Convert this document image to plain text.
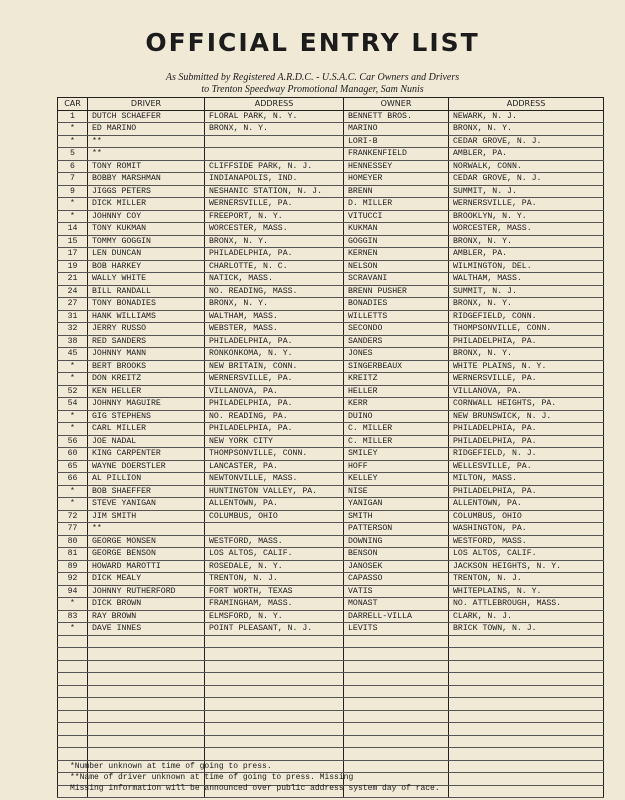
OFFICIAL ENTRY LIST
As Submitted by Registered A.R.D.C. - U.S.A.C. Car Owners and Drivers
to Trenton Speedway Promotional Manager, Sam Nunis
CAR	DRIVER	ADDRESS	OWNER	ADDRESS
1	DUTCH SCHAEFER	FLORAL PARK, N. Y.	BENNETT BROS.	NEWARK, N. J.
*	ED MARINO	BRONX, N. Y.	MARINO	BRONX, N. Y.
*	**		LORI-B	CEDAR GROVE, N. J.
5	**		FRANKENFIELD	AMBLER, PA.
6	TONY ROMIT	CLIFFSIDE PARK, N. J.	HENNESSEY	NORWALK, CONN.
7	BOBBY MARSHMAN	INDIANAPOLIS, IND.	HOMEYER	CEDAR GROVE, N. J.
9	JIGGS PETERS	NESHANIC STATION, N. J.	BRENN	SUMMIT, N. J.
*	DICK MILLER	WERNERSVILLE, PA.	D. MILLER	WERNERSVILLE, PA.
*	JOHNNY COY	FREEPORT, N. Y.	VITUCCI	BROOKLYN, N. Y.
14	TONY KUKMAN	WORCESTER, MASS.	KUKMAN	WORCESTER, MASS.
15	TOMMY GOGGIN	BRONX, N. Y.	GOGGIN	BRONX, N. Y.
17	LEN DUNCAN	PHILADELPHIA, PA.	KERNEN	AMBLER, PA.
19	BOB HARKEY	CHARLOTTE, N. C.	NELSON	WILMINGTON, DEL.
21	WALLY WHITE	NATICK, MASS.	SCRAVANI	WALTHAM, MASS.
24	BILL RANDALL	NO. READING, MASS.	BRENN PUSHER	SUMMIT, N. J.
27	TONY BONADIES	BRONX, N. Y.	BONADIES	BRONX, N. Y.
31	HANK WILLIAMS	WALTHAM, MASS.	WILLETTS	RIDGEFIELD, CONN.
32	JERRY RUSSO	WEBSTER, MASS.	SECONDO	THOMPSONVILLE, CONN.
38	RED SANDERS	PHILADELPHIA, PA.	SANDERS	PHILADELPHIA, PA.
45	JOHNNY MANN	RONKONKOMA, N. Y.	JONES	BRONX, N. Y.
*	BERT BROOKS	NEW BRITAIN, CONN.	SINGERBEAUX	WHITE PLAINS, N. Y.
*	DON KREITZ	WERNERSVILLE, PA.	KREITZ	WERNERSVILLE, PA.
52	KEN HELLER	VILLANOVA, PA.	HELLER	VILLANOVA, PA.
54	JOHNNY MAGUIRE	PHILADELPHIA, PA.	KERR	CORNWALL HEIGHTS, PA.
*	GIG STEPHENS	NO. READING, PA.	DUINO	NEW BRUNSWICK, N. J.
*	CARL MILLER	PHILADELPHIA, PA.	C. MILLER	PHILADELPHIA, PA.
56	JOE NADAL	NEW YORK CITY	C. MILLER	PHILADELPHIA, PA.
60	KING CARPENTER	THOMPSONVILLE, CONN.	SMILEY	RIDGEFIELD, N. J.
65	WAYNE DOERSTLER	LANCASTER, PA.	HOFF	WELLESVILLE, PA.
66	AL PILLION	NEWTONVILLE, MASS.	KELLEY	MILTON, MASS.
*	BOB SHAEFFER	HUNTINGTON VALLEY, PA.	NISE	PHILADELPHIA, PA.
*	STEVE YANIGAN	ALLENTOWN, PA.	YANIGAN	ALLENTOWN, PA.
72	JIM SMITH	COLUMBUS, OHIO	SMITH	COLUMBUS, OHIO
77	**		PATTERSON	WASHINGTON, PA.
80	GEORGE MONSEN	WESTFORD, MASS.	DOWNING	WESTFORD, MASS.
81	GEORGE BENSON	LOS ALTOS, CALIF.	BENSON	LOS ALTOS, CALIF.
89	HOWARD MAROTTI	ROSEDALE, N. Y.	JANOSEK	JACKSON HEIGHTS, N. Y.
92	DICK MEALY	TRENTON, N. J.	CAPASSO	TRENTON, N. J.
94	JOHNNY RUTHERFORD	FORT WORTH, TEXAS	VATIS	WHITEPLAINS, N. Y.
*	DICK BROWN	FRAMINGHAM, MASS.	MONAST	NO. ATTLEBROUGH, MASS.
83	RAY BROWN	ELMSFORD, N. Y.	DARRELL-VILLA	CLARK, N. J.
*	DAVE INNES	POINT PLEASANT, N. J.	LEVITS	BRICK TOWN, N. J.

*Number unknown at time of going to press.
**Name of driver unknown at time of going to press. Missing
Missing information will be announced over public address system day of race.
